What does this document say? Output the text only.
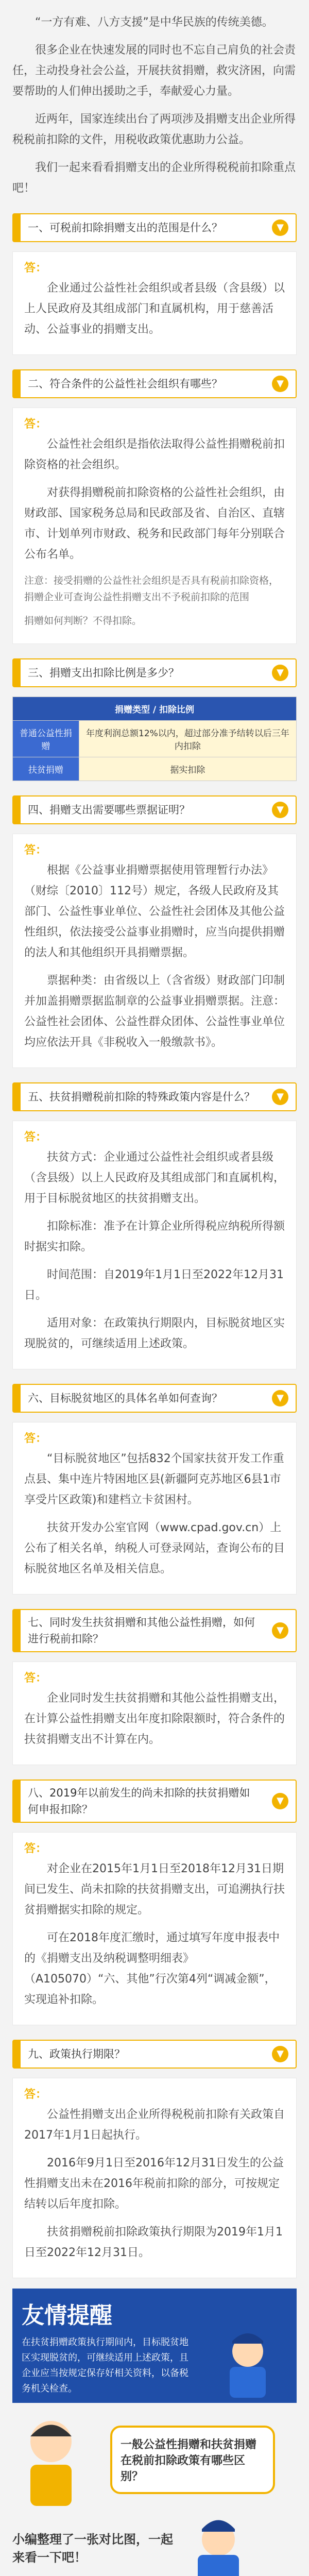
“一方有难、八方支援”是中华民族的传统美德。

很多企业在快速发展的同时也不忘自己肩负的社会责任，主动投身社会公益，开展扶贫捐赠，救灾济困，向需要帮助的人们伸出援助之手，奉献爱心力量。

近两年，国家连续出台了两项涉及捐赠支出企业所得税税前扣除的文件，用税收政策优惠助力公益。

我们一起来看看捐赠支出的企业所得税税前扣除重点吧！

一、可税前扣除捐赠支出的范围是什么？	▼
答：

企业通过公益性社会组织或者县级（含县级）以上人民政府及其组成部门和直属机构，用于慈善活动、公益事业的捐赠支出。

二、符合条件的公益性社会组织有哪些？	▼
答：

公益性社会组织是指依法取得公益性捐赠税前扣除资格的社会组织。

对获得捐赠税前扣除资格的公益性社会组织，由财政部、国家税务总局和民政部及省、自治区、直辖市、计划单列市财政、税务和民政部门每年分别联合公布名单。

注意：接受捐赠的公益性社会组织是否具有税前扣除资格，捐赠企业可查询公益性捐赠支出不予税前扣除的范围

捐赠如何判断？不得扣除。

三、捐赠支出扣除比例是多少？	▼
捐赠类型 / 扣除比例	
普通公益性捐赠	年度利润总额12%以内，超过部分准予结转以后三年内扣除
扶贫捐赠	据实扣除
四、捐赠支出需要哪些票据证明？	▼
答：

根据《公益事业捐赠票据使用管理暂行办法》（财综〔2010〕112号）规定，各级人民政府及其部门、公益性事业单位、公益性社会团体及其他公益性组织，依法接受公益事业捐赠时，应当向提供捐赠的法人和其他组织开具捐赠票据。

票据种类：由省级以上（含省级）财政部门印制并加盖捐赠票据监制章的公益事业捐赠票据。注意：公益性社会团体、公益性群众团体、公益性事业单位均应依法开具《非税收入一般缴款书》。

五、扶贫捐赠税前扣除的特殊政策内容是什么？	▼
答：

扶贫方式：企业通过公益性社会组织或者县级（含县级）以上人民政府及其组成部门和直属机构，用于目标脱贫地区的扶贫捐赠支出。

扣除标准：准予在计算企业所得税应纳税所得额时据实扣除。

时间范围：自2019年1月1日至2022年12月31日。

适用对象：在政策执行期限内，目标脱贫地区实现脱贫的，可继续适用上述政策。

六、目标脱贫地区的具体名单如何查询？	▼
答：

“目标脱贫地区”包括832个国家扶贫开发工作重点县、集中连片特困地区县(新疆阿克苏地区6县1市享受片区政策)和建档立卡贫困村。

扶贫开发办公室官网（www.cpad.gov.cn）上公布了相关名单，纳税人可登录网站，查询公布的目标脱贫地区名单及相关信息。

七、同时发生扶贫捐赠和其他公益性捐赠，如何进行税前扣除？
▼
答：

企业同时发生扶贫捐赠和其他公益性捐赠支出，在计算公益性捐赠支出年度扣除限额时，符合条件的扶贫捐赠支出不计算在内。

八、2019年以前发生的尚未扣除的扶贫捐赠如何申报扣除？
▼
答：

对企业在2015年1月1日至2018年12月31日期间已发生、尚未扣除的扶贫捐赠支出，可追溯执行扶贫捐赠据实扣除的规定。

可在2018年度汇缴时，通过填写年度申报表中的《捐赠支出及纳税调整明细表》（A105070）“六、其他”行次第4列“调减金额”，实现追补扣除。

九、政策执行期限？	▼
答：

公益性捐赠支出企业所得税税前扣除有关政策自2017年1月1日起执行。

2016年9月1日至2016年12月31日发生的公益性捐赠支出未在2016年税前扣除的部分，可按规定结转以后年度扣除。

扶贫捐赠税前扣除政策执行期限为2019年1月1日至2022年12月31日。

友情提醒
在扶贫捐赠政策执行期间内，目标脱贫地区实现脱贫的，可继续适用上述政策，且企业应当按规定保存好相关资料，以备税务机关检查。
一般公益性捐赠和扶贫捐赠在税前扣除政策有哪些区别？
小编整理了一张对比图，一起来看一下吧！
